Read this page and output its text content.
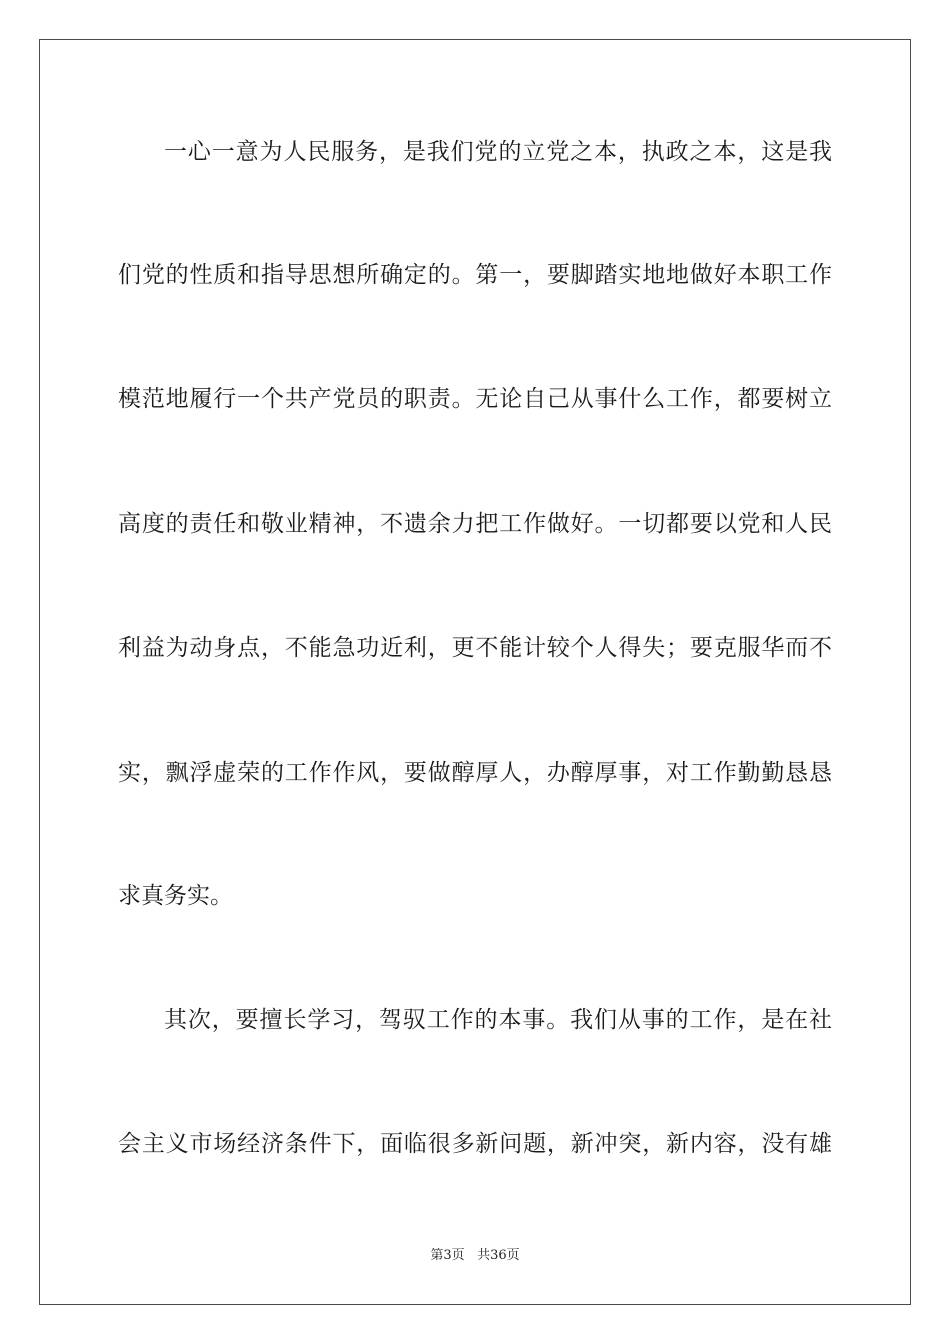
一心一意为人民服务，是我们党的立党之本，执政之本，这是我
们党的性质和指导思想所确定的。第一，要脚踏实地地做好本职工作
模范地履行一个共产党员的职责。无论自己从事什么工作，都要树立
高度的责任和敬业精神，不遗余力把工作做好。一切都要以党和人民
利益为动身点，不能急功近利，更不能计较个人得失；要克服华而不
实，飘浮虚荣的工作作风，要做醇厚人，办醇厚事，对工作勤勤恳恳
求真务实。
其次，要擅长学习，驾驭工作的本事。我们从事的工作，是在社
会主义市场经济条件下，面临很多新问题，新冲突，新内容，没有雄
第3页 共36页
